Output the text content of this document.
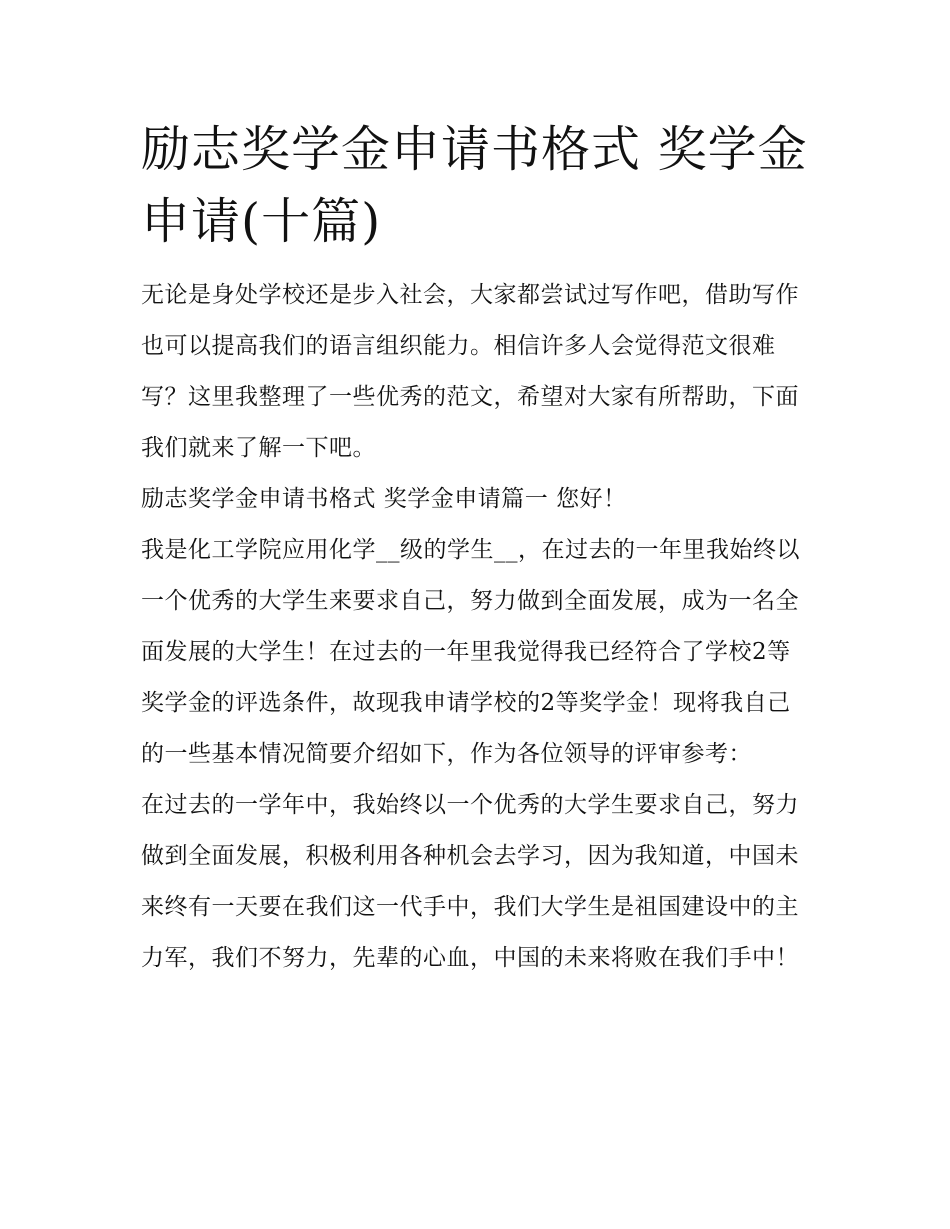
励志奖学金申请书格式 奖学金申请(十篇)

无论是身处学校还是步入社会，大家都尝试过写作吧，借助写作也可以提高我们的语言组织能力。相信许多人会觉得范文很难写？这里我整理了一些优秀的范文，希望对大家有所帮助，下面我们就来了解一下吧。

励志奖学金申请书格式 奖学金申请篇一 您好！

我是化工学院应用化学__级的学生__，在过去的一年里我始终以一个优秀的大学生来要求自己，努力做到全面发展，成为一名全面发展的大学生！在过去的一年里我觉得我已经符合了学校2等奖学金的评选条件，故现我申请学校的2等奖学金！现将我自己的一些基本情况简要介绍如下，作为各位领导的评审参考：

在过去的一学年中，我始终以一个优秀的大学生要求自己，努力做到全面发展，积极利用各种机会去学习，因为我知道，中国未来终有一天要在我们这一代手中，我们大学生是祖国建设中的主力军，我们不努力，先辈的心血，中国的未来将败在我们手中！
